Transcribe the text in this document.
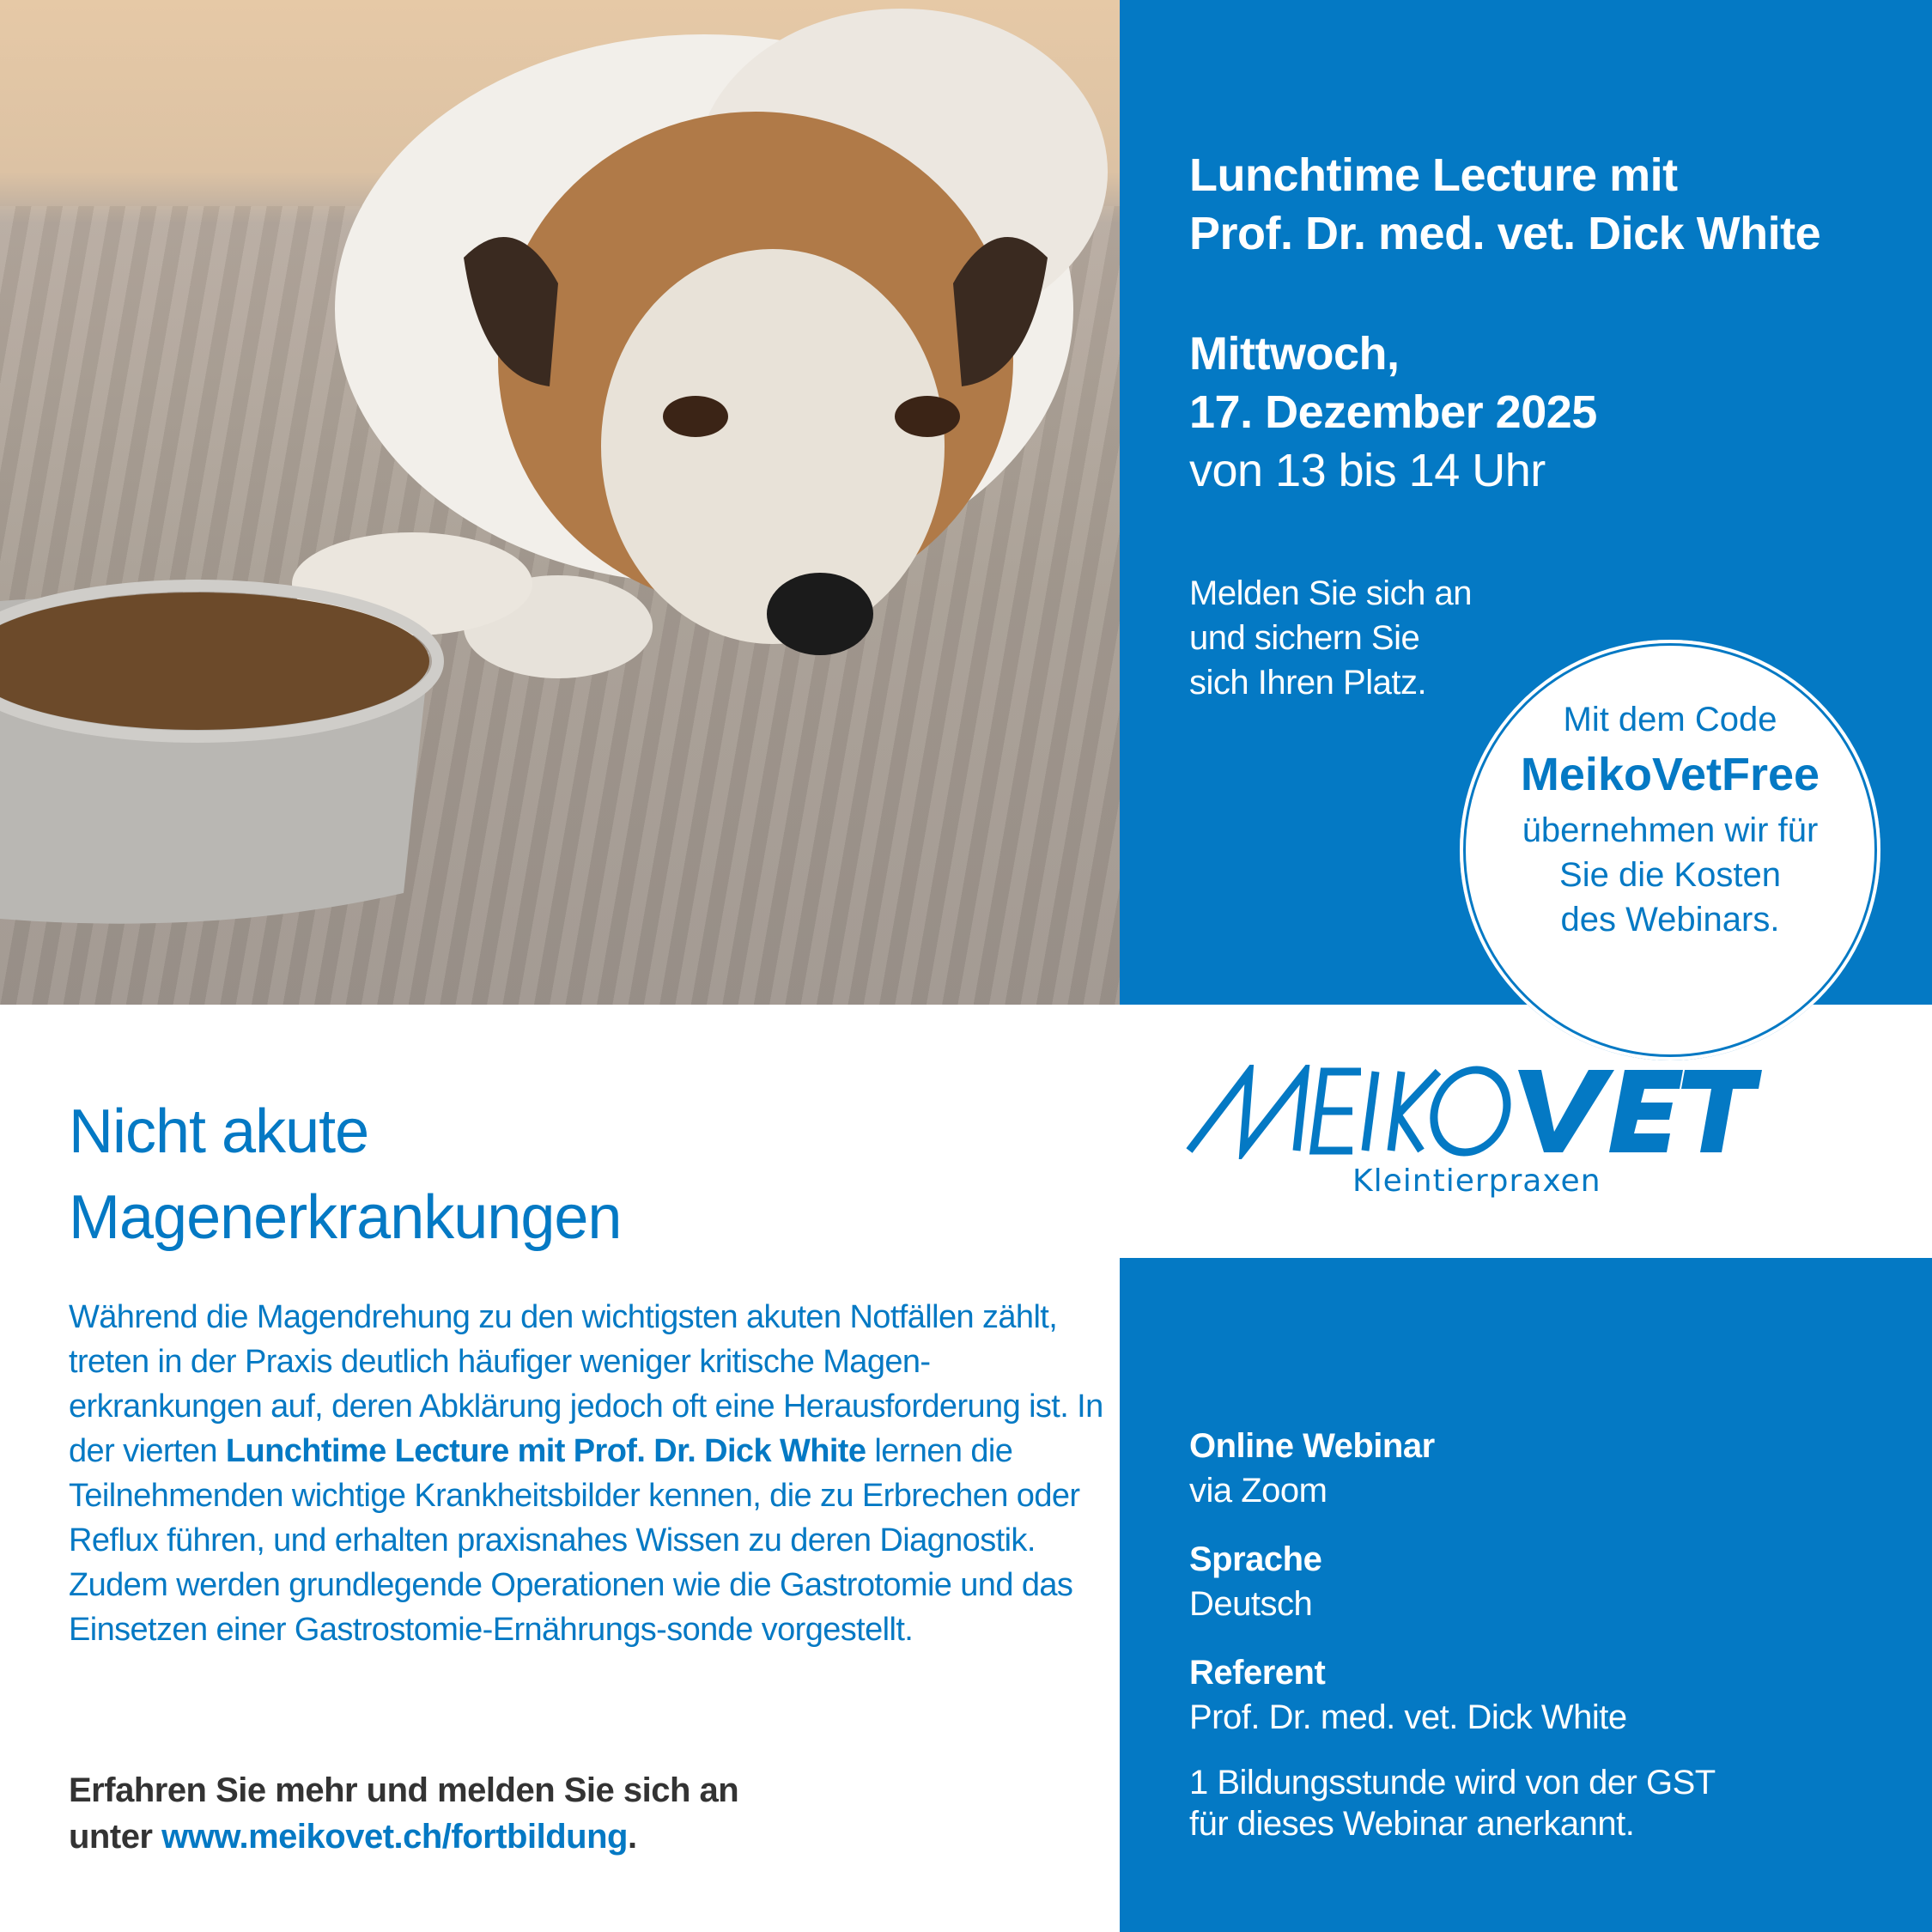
Lunchtime Lecture mit
Prof. Dr. med. vet. Dick White
Mittwoch,
17. Dezember 2025
von 13 bis 14 Uhr
Melden Sie sich an
und sichern Sie
sich Ihren Platz.
Mit dem Code
MeikoVetFree
übernehmen wir für
Sie die Kosten
des Webinars.
Kleintierpraxen
Nicht akute
Magenerkrankungen
Während die Magendrehung zu den wichtigsten akuten Notfällen zählt, treten in der Praxis deutlich häufiger weniger kritische Magen-erkrankungen auf, deren Abklärung jedoch oft eine Herausforderung ist. In der vierten Lunchtime Lecture mit Prof. Dr. Dick White lernen die Teilnehmenden wichtige Krankheitsbilder kennen, die zu Erbrechen oder Reflux führen, und erhalten praxisnahes Wissen zu deren Diagnostik. Zudem werden grundlegende Operationen wie die Gastrotomie und das Einsetzen einer Gastrostomie-Ernährungs-sonde vorgestellt.
Erfahren Sie mehr und melden Sie sich an
unter www.meikovet.ch/fortbildung.
Online Webinar
via Zoom
Sprache
Deutsch
Referent
Prof. Dr. med. vet. Dick White
1 Bildungsstunde wird von der GST
für dieses Webinar anerkannt.
